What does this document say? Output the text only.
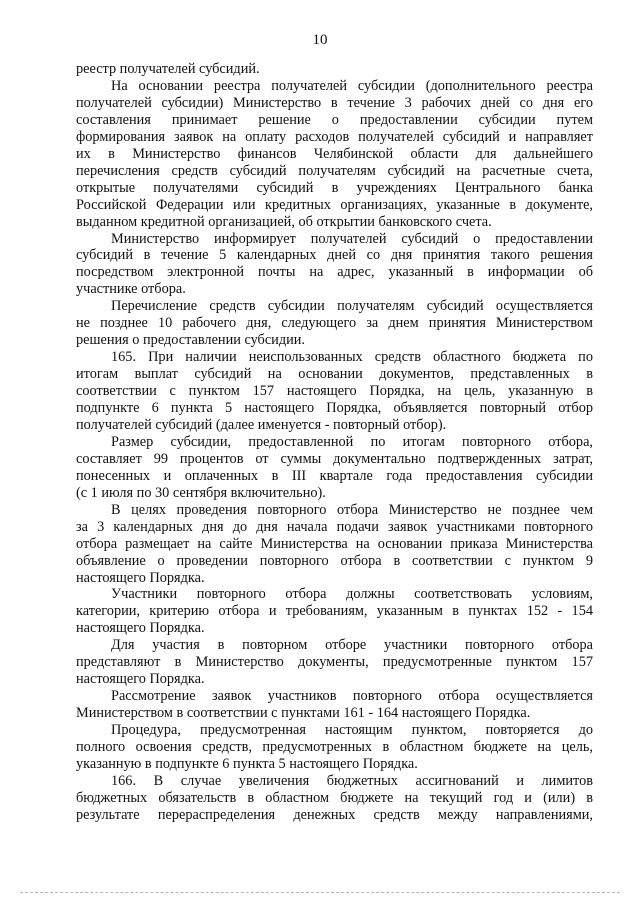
10
реестр получателей субсидий.
На основании реестра получателей субсидии (дополнительного реестра
получателей субсидии) Министерство в течение 3 рабочих дней со дня его
составления принимает решение о предоставлении субсидии путем
формирования заявок на оплату расходов получателей субсидий и направляет
их в Министерство финансов Челябинской области для дальнейшего
перечисления средств субсидий получателям субсидий на расчетные счета,
открытые получателями субсидий в учреждениях Центрального банка
Российской Федерации или кредитных организациях, указанные в документе,
выданном кредитной организацией, об открытии банковского счета.
Министерство информирует получателей субсидий о предоставлении
субсидий в течение 5 календарных дней со дня принятия такого решения
посредством электронной почты на адрес, указанный в информации об
участнике отбора.
Перечисление средств субсидии получателям субсидий осуществляется
не позднее 10 рабочего дня, следующего за днем принятия Министерством
решения о предоставлении субсидии.
165. При наличии неиспользованных средств областного бюджета по
итогам выплат субсидий на основании документов, представленных в
соответствии с пунктом 157 настоящего Порядка, на цель, указанную в
подпункте 6 пункта 5 настоящего Порядка, объявляется повторный отбор
получателей субсидий (далее именуется - повторный отбор).
Размер субсидии, предоставленной по итогам повторного отбора,
составляет 99 процентов от суммы документально подтвержденных затрат,
понесенных и оплаченных в III квартале года предоставления субсидии
(с 1 июля по 30 сентября включительно).
В целях проведения повторного отбора Министерство не позднее чем
за 3 календарных дня до дня начала подачи заявок участниками повторного
отбора размещает на сайте Министерства на основании приказа Министерства
объявление о проведении повторного отбора в соответствии с пунктом 9
настоящего Порядка.
Участники повторного отбора должны соответствовать условиям,
категории, критерию отбора и требованиям, указанным в пунктах 152 - 154
настоящего Порядка.
Для участия в повторном отборе участники повторного отбора
представляют в Министерство документы, предусмотренные пунктом 157
настоящего Порядка.
Рассмотрение заявок участников повторного отбора осуществляется
Министерством в соответствии с пунктами 161 - 164 настоящего Порядка.
Процедура, предусмотренная настоящим пунктом, повторяется до
полного освоения средств, предусмотренных в областном бюджете на цель,
указанную в подпункте 6 пункта 5 настоящего Порядка.
166. В случае увеличения бюджетных ассигнований и лимитов
бюджетных обязательств в областном бюджете на текущий год и (или) в
результате перераспределения денежных средств между направлениями,
